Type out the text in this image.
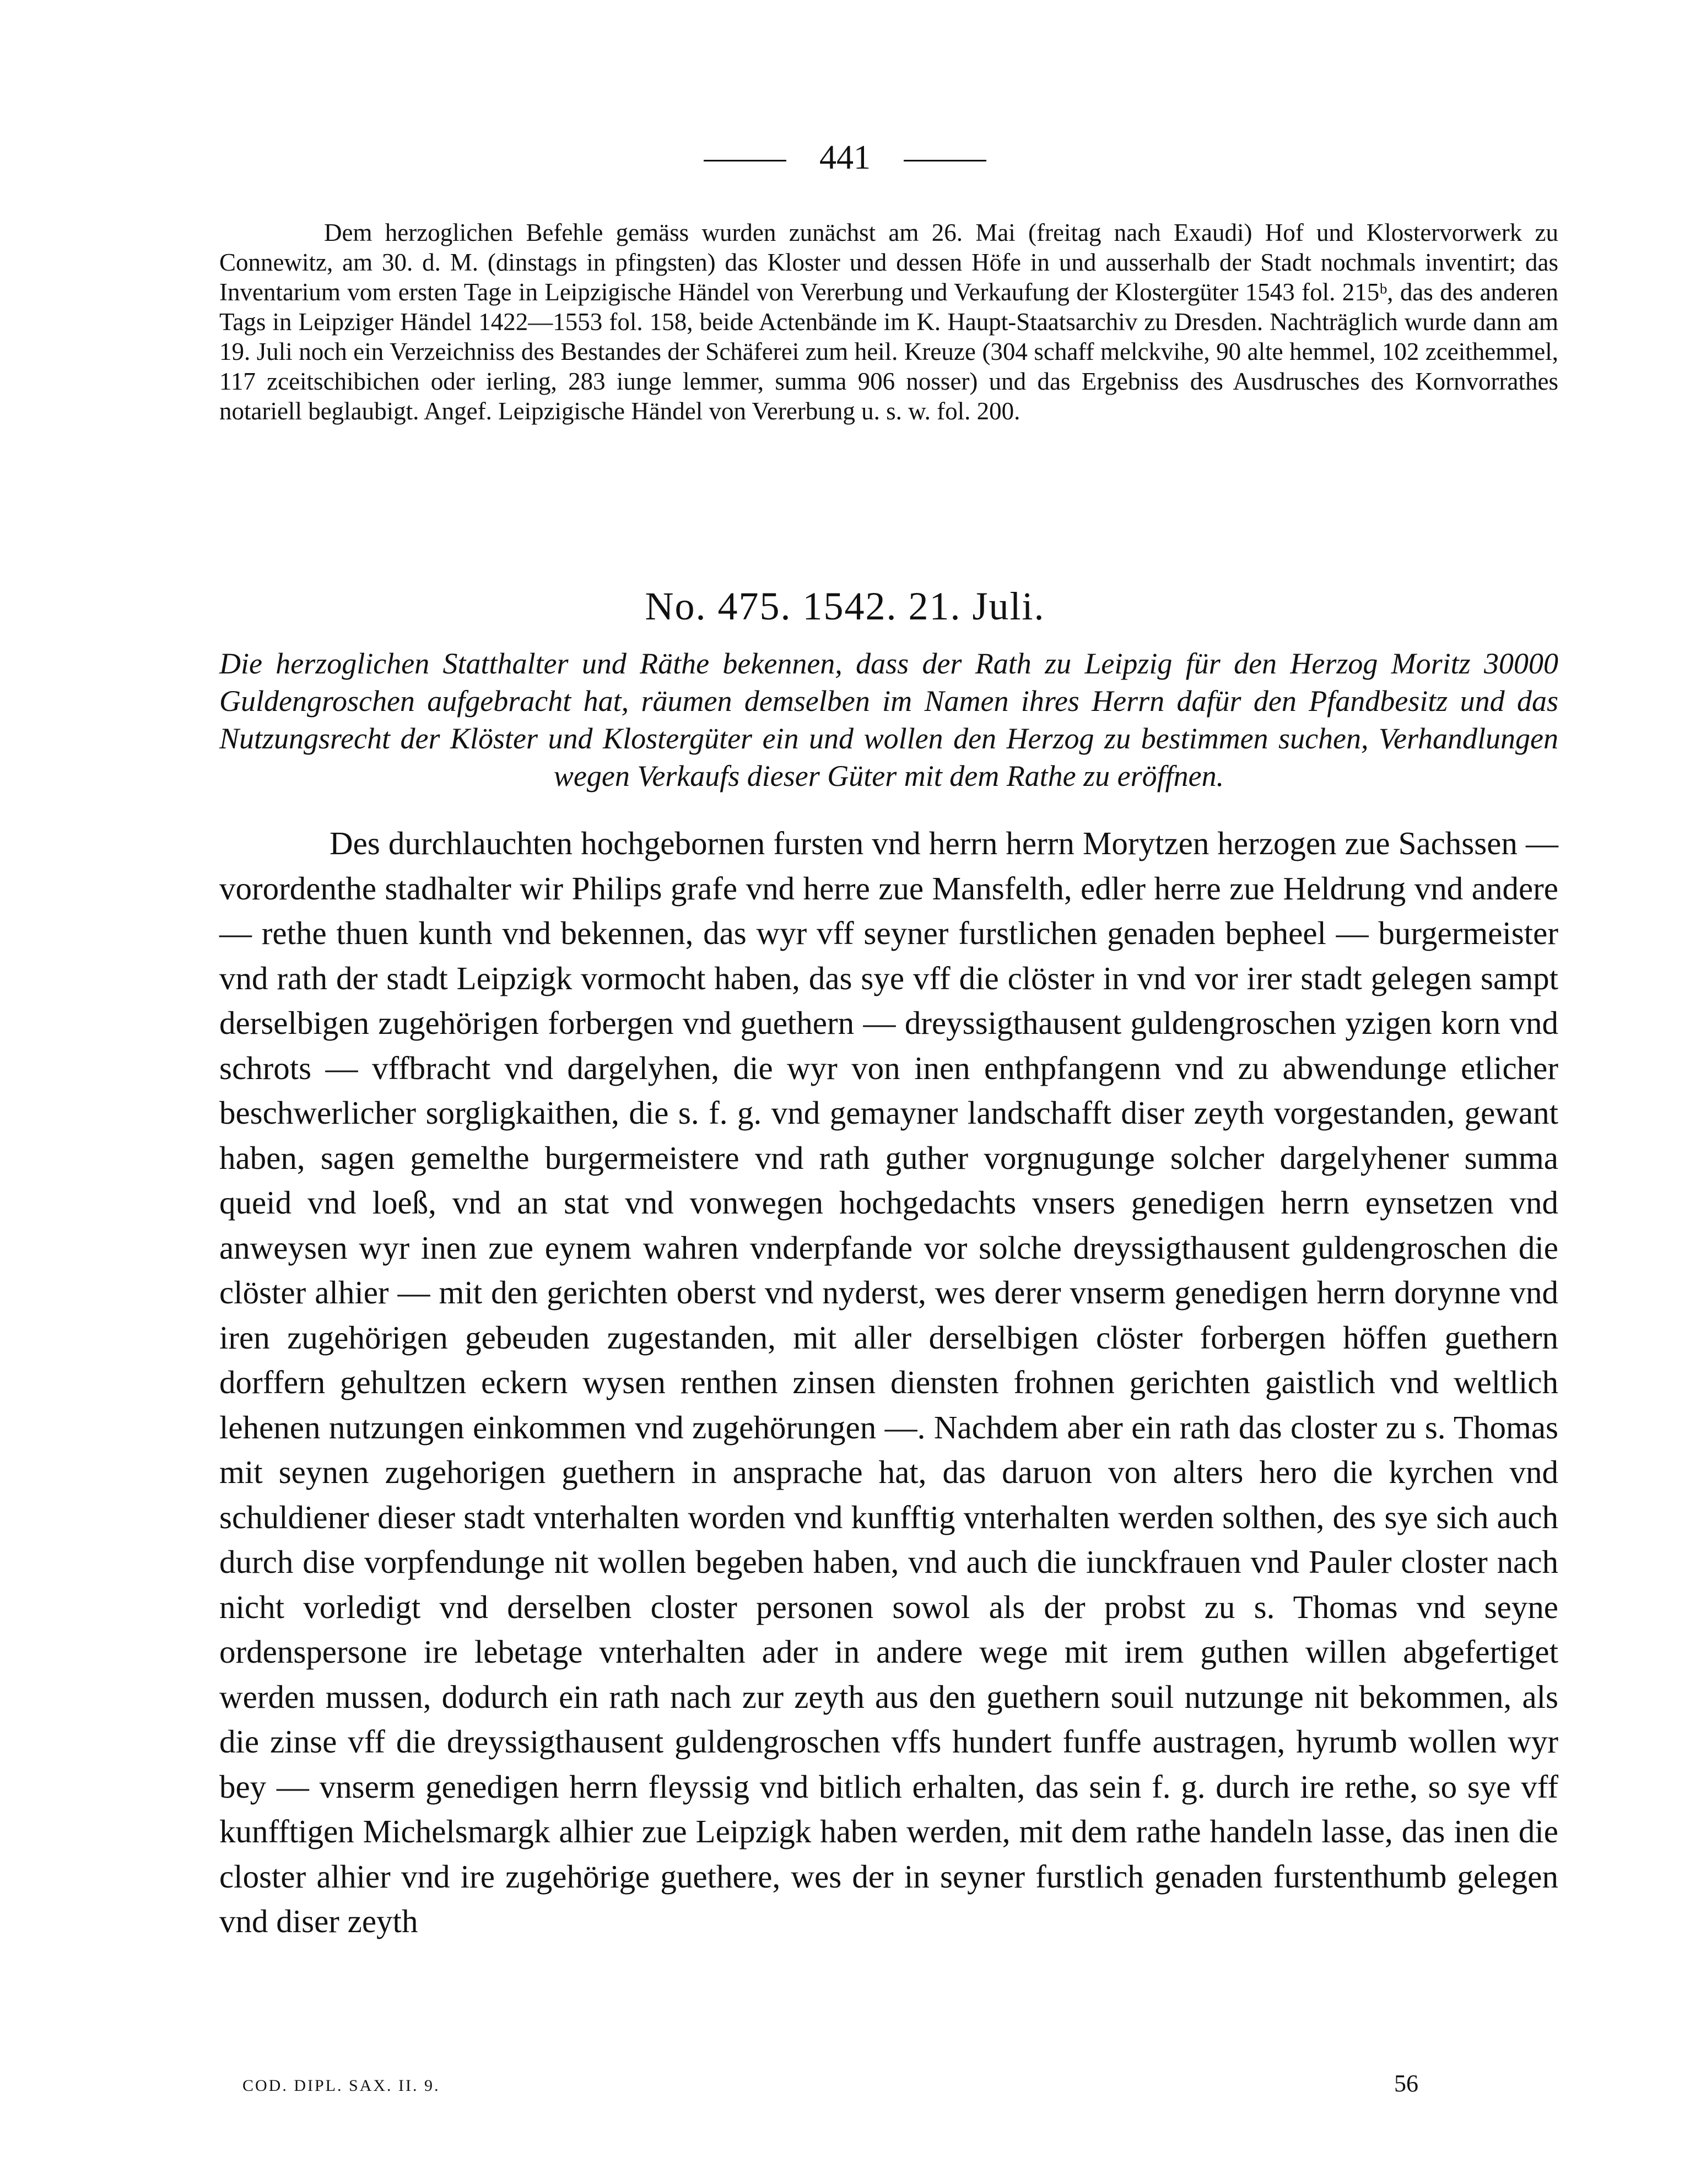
441

Dem herzoglichen Befehle gemäss wurden zunächst am 26. Mai (freitag nach Exaudi) Hof und Klostervorwerk zu Connewitz, am 30. d. M. (dinstags in pfingsten) das Kloster und dessen Höfe in und ausserhalb der Stadt nochmals inventirt; das Inventarium vom ersten Tage in Leipzigische Händel von Vererbung und Verkaufung der Klostergüter 1543 fol. 215ᵇ, das des anderen Tags in Leipziger Händel 1422—1553 fol. 158, beide Actenbände im K. Haupt-Staatsarchiv zu Dresden. Nachträglich wurde dann am 19. Juli noch ein Verzeichniss des Bestandes der Schäferei zum heil. Kreuze (304 schaff melckvihe, 90 alte hemmel, 102 zceithemmel, 117 zceitschibichen oder ierling, 283 iunge lemmer, summa 906 nosser) und das Ergebniss des Ausdrusches des Kornvorrathes notariell beglaubigt. Angef. Leipzigische Händel von Vererbung u. s. w. fol. 200.

No. 475. 1542. 21. Juli.
Die herzoglichen Statthalter und Räthe bekennen, dass der Rath zu Leipzig für den Herzog Moritz 30000 Guldengroschen aufgebracht hat, räumen demselben im Namen ihres Herrn dafür den Pfandbesitz und das Nutzungsrecht der Klöster und Klostergüter ein und wollen den Herzog zu bestimmen suchen, Verhandlungen wegen Verkaufs dieser Güter mit dem Rathe zu eröffnen.

Des durchlauchten hochgebornen fursten vnd herrn herrn Morytzen herzogen zue Sachssen — vorordenthe stadhalter wir Philips grafe vnd herre zue Mansfelth, edler herre zue Heldrung vnd andere — rethe thuen kunth vnd bekennen, das wyr vff seyner furstlichen genaden bepheel — burgermeister vnd rath der stadt Leipzigk vormocht haben, das sye vff die clöster in vnd vor irer stadt gelegen sampt derselbigen zugehörigen forbergen vnd guethern — dreyssigthausent guldengroschen yzigen korn vnd schrots — vffbracht vnd dargelyhen, die wyr von inen enthpfangenn vnd zu abwendunge etlicher beschwerlicher sorgligkaithen, die s. f. g. vnd gemayner landschafft diser zeyth vorgestanden, gewant haben, sagen gemelthe burgermeistere vnd rath guther vorgnugunge solcher dargelyhener summa queid vnd loeß, vnd an stat vnd vonwegen hochgedachts vnsers genedigen herrn eynsetzen vnd anweysen wyr inen zue eynem wahren vnderpfande vor solche dreyssigthausent guldengroschen die clöster alhier — mit den gerichten oberst vnd nyderst, wes derer vnserm genedigen herrn dorynne vnd iren zugehörigen gebeuden zugestanden, mit aller derselbigen clöster forbergen höffen guethern dorffern gehultzen eckern wysen renthen zinsen diensten frohnen gerichten gaistlich vnd weltlich lehenen nutzungen einkommen vnd zugehörungen —. Nachdem aber ein rath das closter zu s. Thomas mit seynen zugehorigen guethern in ansprache hat, das daruon von alters hero die kyrchen vnd schuldiener dieser stadt vnterhalten worden vnd kunfftig vnterhalten werden solthen, des sye sich auch durch dise vorpfendunge nit wollen begeben haben, vnd auch die iunckfrauen vnd Pauler closter nach nicht vorledigt vnd derselben closter personen sowol als der probst zu s. Thomas vnd seyne ordenspersone ire lebetage vnterhalten ader in andere wege mit irem guthen willen abgefertiget werden mussen, dodurch ein rath nach zur zeyth aus den guethern souil nutzunge nit bekommen, als die zinse vff die dreyssigthausent guldengroschen vffs hundert funffe austragen, hyrumb wollen wyr bey — vnserm genedigen herrn fleyssig vnd bitlich erhalten, das sein f. g. durch ire rethe, so sye vff kunfftigen Michelsmargk alhier zue Leipzigk haben werden, mit dem rathe handeln lasse, das inen die closter alhier vnd ire zugehörige guethere, wes der in seyner furstlich genaden furstenthumb gelegen vnd diser zeyth

COD. DIPL. SAX. II. 9.	56
